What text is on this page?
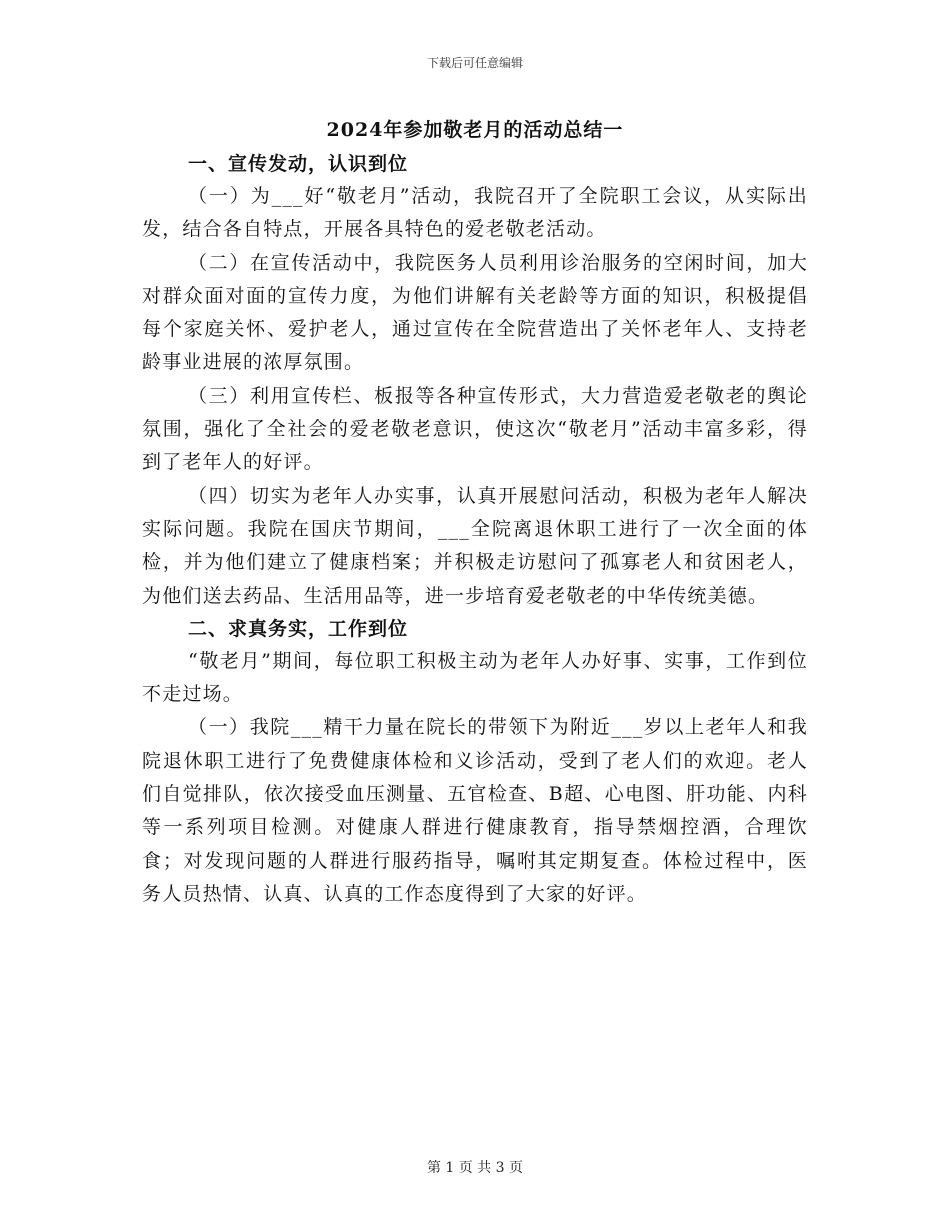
下载后可任意编辑
2024年参加敬老月的活动总结一
一、宣传发动，认识到位

（一）为___好“敬老月”活动，我院召开了全院职工会议，从实际出发，结合各自特点，开展各具特色的爱老敬老活动。

（二）在宣传活动中，我院医务人员利用诊治服务的空闲时间，加大对群众面对面的宣传力度，为他们讲解有关老龄等方面的知识，积极提倡每个家庭关怀、爱护老人，通过宣传在全院营造出了关怀老年人、支持老龄事业进展的浓厚氛围。

（三）利用宣传栏、板报等各种宣传形式，大力营造爱老敬老的舆论氛围，强化了全社会的爱老敬老意识，使这次“敬老月”活动丰富多彩，得到了老年人的好评。

（四）切实为老年人办实事，认真开展慰问活动，积极为老年人解决实际问题。我院在国庆节期间，___全院离退休职工进行了一次全面的体检，并为他们建立了健康档案；并积极走访慰问了孤寡老人和贫困老人，为他们送去药品、生活用品等，进一步培育爱老敬老的中华传统美德。

二、求真务实，工作到位

“敬老月”期间，每位职工积极主动为老年人办好事、实事，工作到位不走过场。

（一）我院___精干力量在院长的带领下为附近___岁以上老年人和我院退休职工进行了免费健康体检和义诊活动，受到了老人们的欢迎。老人们自觉排队，依次接受血压测量、五官检查、B超、心电图、肝功能、内科等一系列项目检测。对健康人群进行健康教育，指导禁烟控酒，合理饮食；对发现问题的人群进行服药指导，嘱咐其定期复查。体检过程中，医务人员热情、认真、认真的工作态度得到了大家的好评。

第 1 页 共 3 页
